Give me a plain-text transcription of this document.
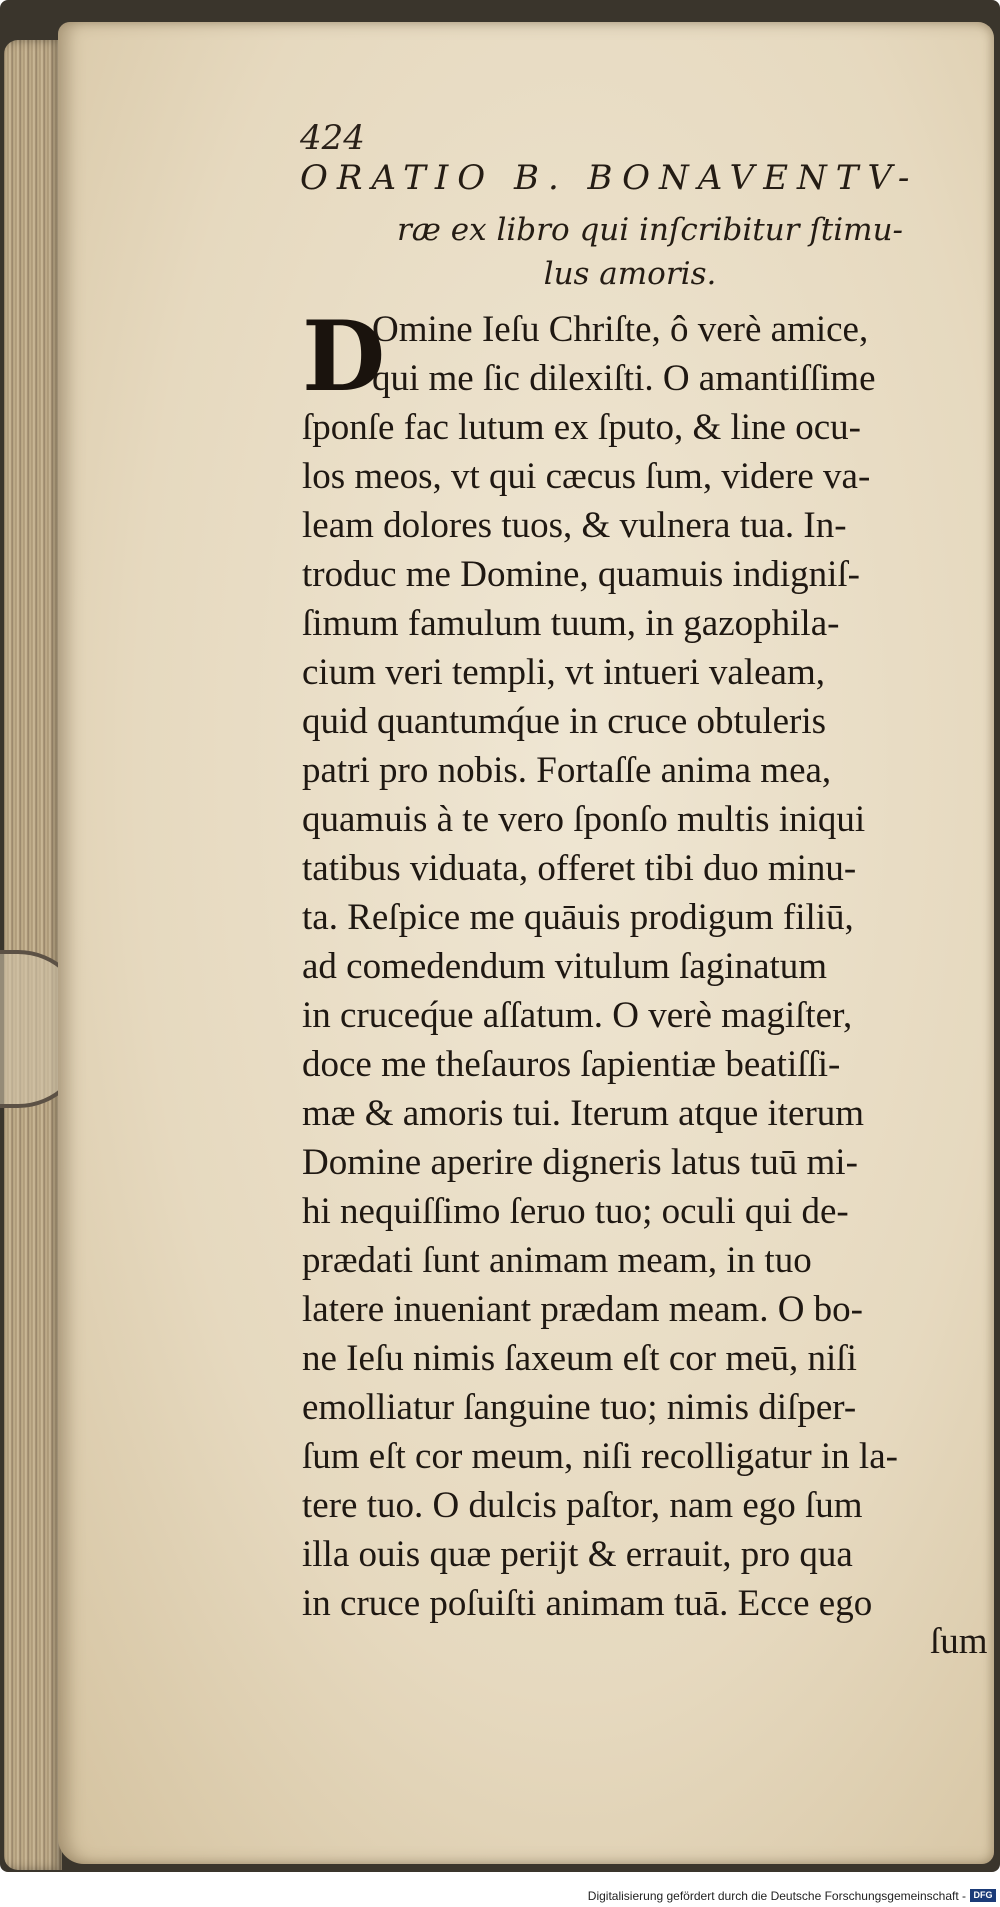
424
ORATIO B. BONAVENTV-
ræ ex libro qui inſcribitur ſtimu-
lus amoris.
D
Omine Ieſu Chriſte, ô verè amice,
qui me ſic dilexiſti. O amantiſſime
ſponſe fac lutum ex ſputo, & line ocu-
los meos, vt qui cæcus ſum, videre va-
leam dolores tuos, & vulnera tua. In-
troduc me Domine, quamuis indigniſ-
ſimum famulum tuum, in gazophila-
cium veri templi, vt intueri valeam,
quid quantumq́ue in cruce obtuleris
patri pro nobis. Fortaſſe anima mea,
quamuis à te vero ſponſo multis iniqui
tatibus viduata, offeret tibi duo minu-
ta. Reſpice me quāuis prodigum filiū,
ad comedendum vitulum ſaginatum
in cruceq́ue aſſatum. O verè magiſter,
doce me theſauros ſapientiæ beatiſſi-
mæ & amoris tui. Iterum atque iterum
Domine aperire digneris latus tuū mi-
hi nequiſſimo ſeruo tuo; oculi qui de-
prædati ſunt animam meam, in tuo
latere inueniant prædam meam. O bo-
ne Ieſu nimis ſaxeum eſt cor meū, niſi
emolliatur ſanguine tuo; nimis diſper-
ſum eſt cor meum, niſi recolligatur in la-
tere tuo. O dulcis paſtor, nam ego ſum
illa ouis quæ perijt & errauit, pro qua
in cruce poſuiſti animam tuā. Ecce ego
ſum
Digitalisierung gefördert durch die Deutsche Forschungsgemeinschaft - DFG
